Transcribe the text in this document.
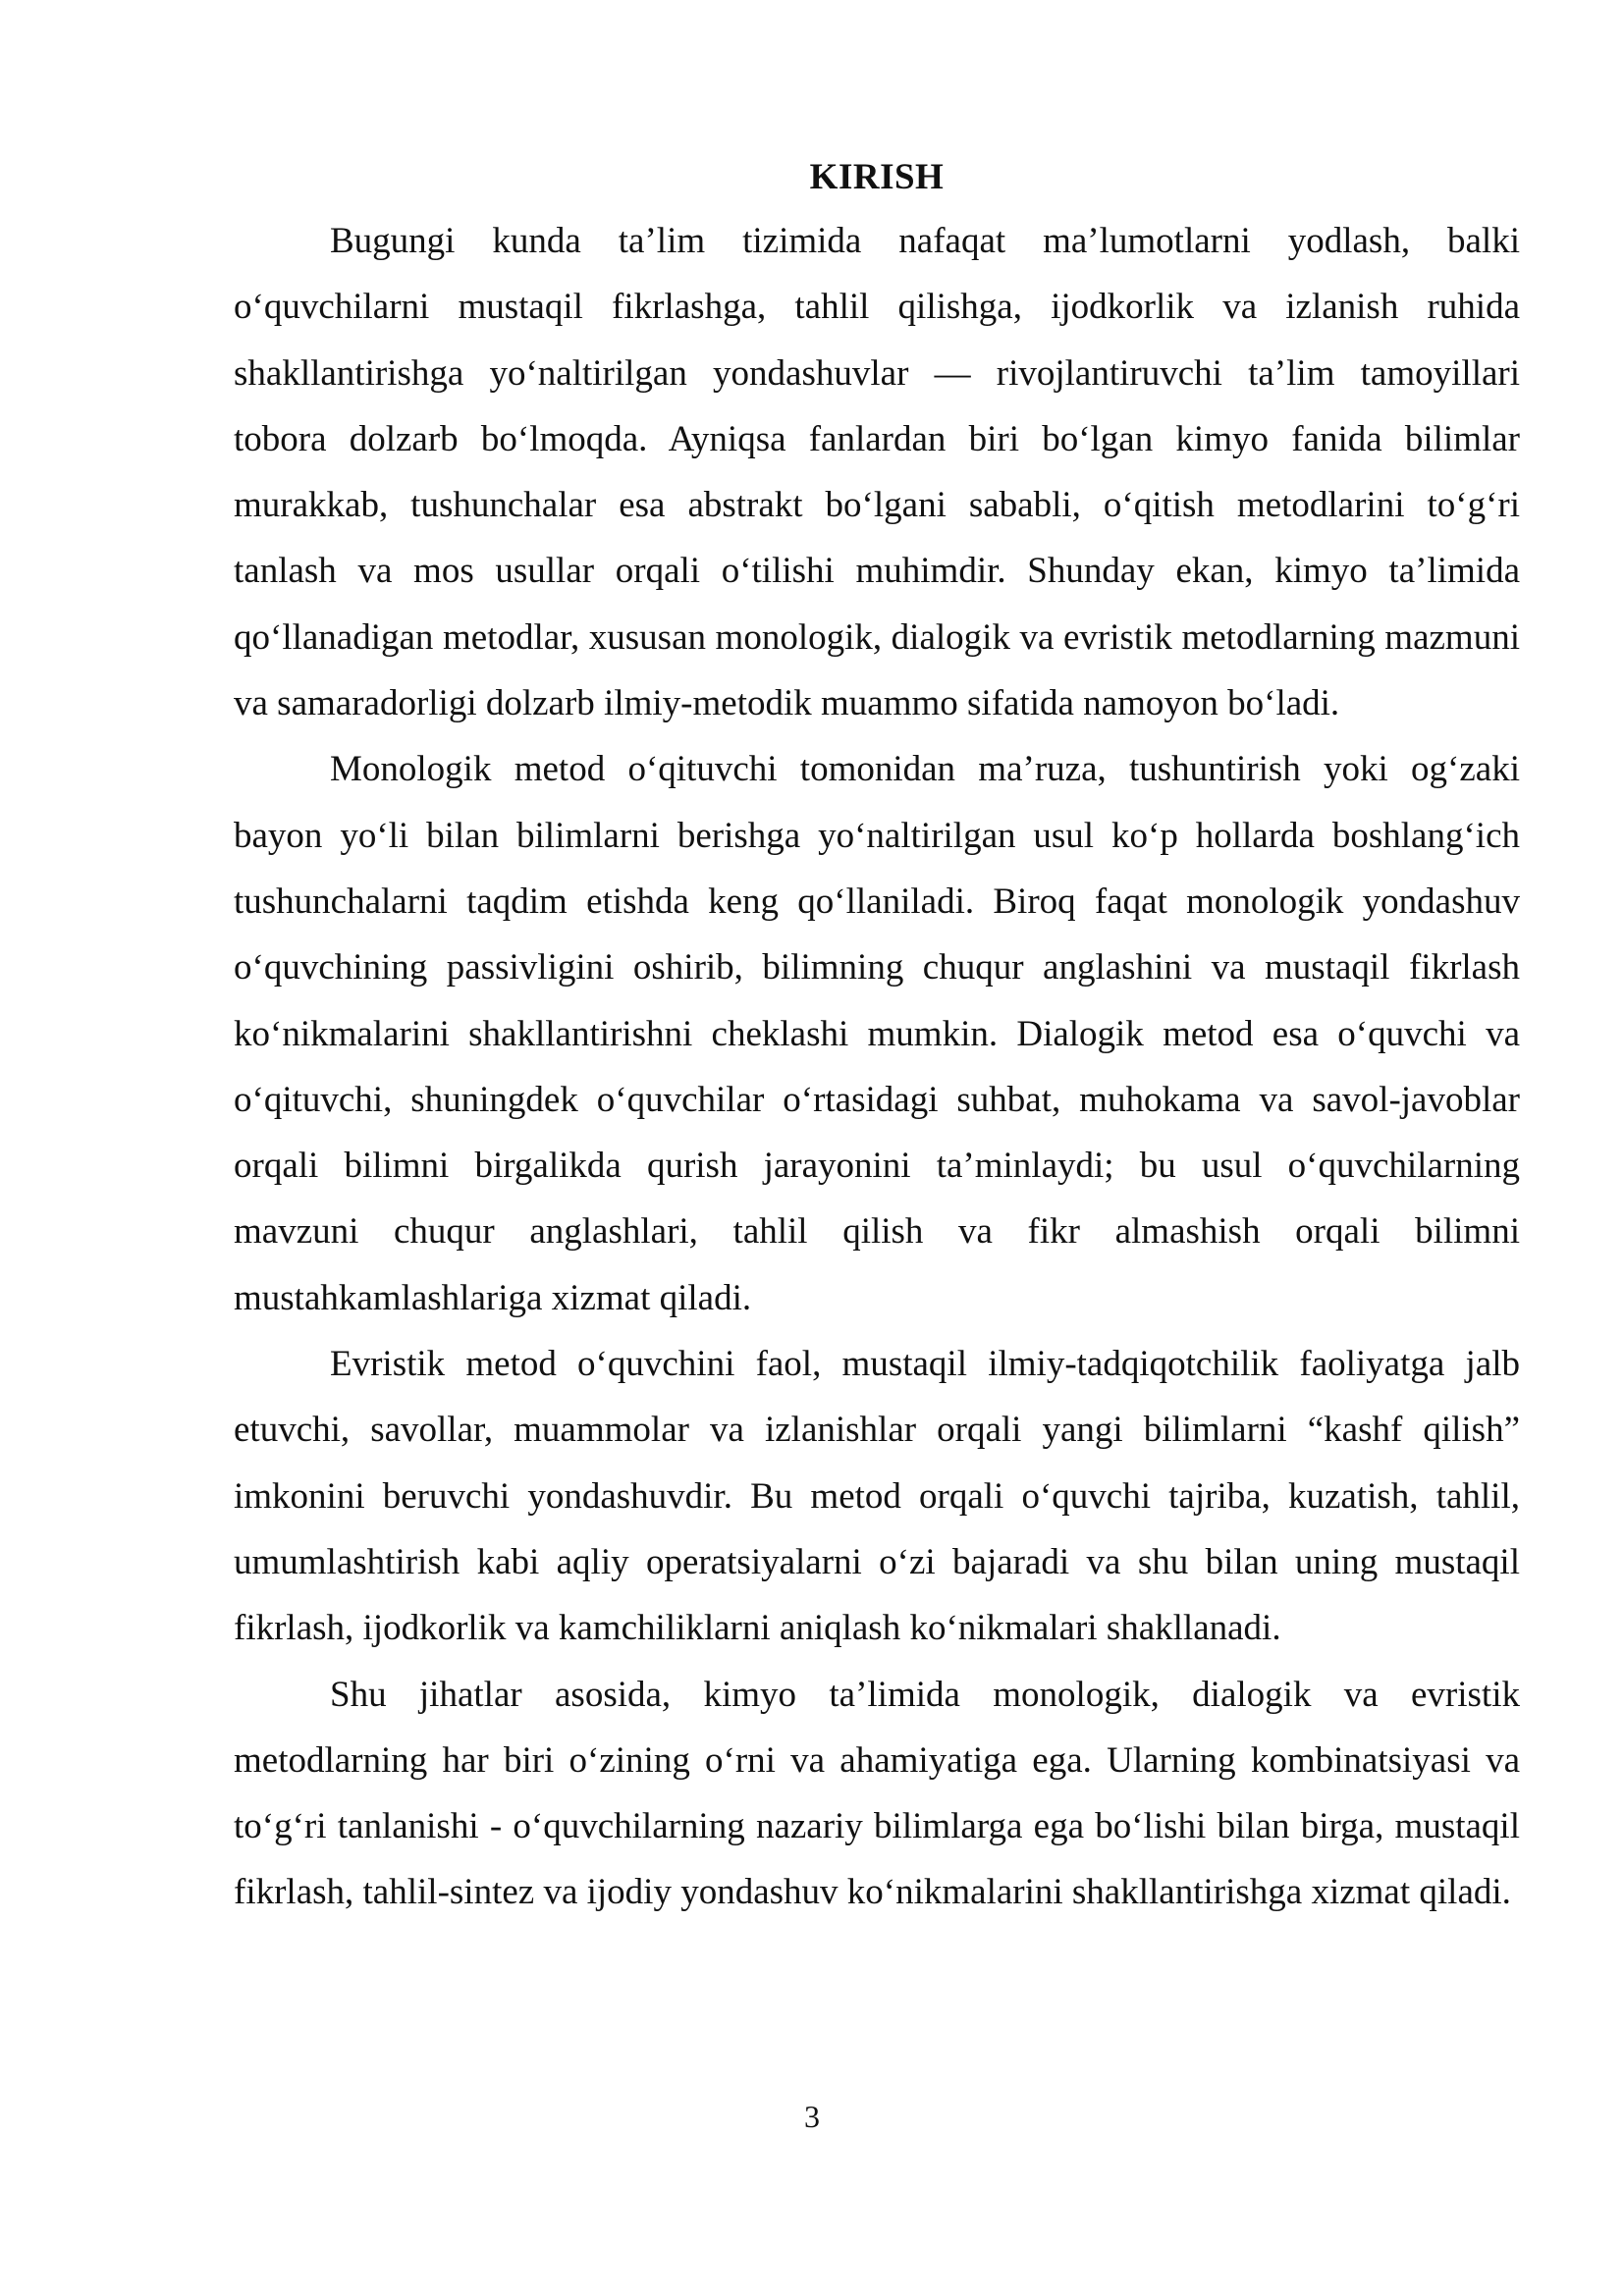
KIRISH

Bugungi kunda ta’lim tizimida nafaqat ma’lumotlarni yodlash, balki o‘quvchilarni mustaqil fikrlashga, tahlil qilishga, ijodkorlik va izlanish ruhida shakllantirishga yo‘naltirilgan yondashuvlar — rivojlantiruvchi ta’lim tamoyillari tobora dolzarb bo‘lmoqda. Ayniqsa fanlardan biri bo‘lgan kimyo fanida bilimlar murakkab, tushunchalar esa abstrakt bo‘lgani sababli, o‘qitish metodlarini to‘g‘ri tanlash va mos usullar orqali o‘tilishi muhimdir. Shunday ekan, kimyo ta’limida qo‘llanadigan metodlar, xususan monologik, dialogik va evristik metodlarning mazmuni va samaradorligi dolzarb ilmiy-metodik muammo sifatida namoyon bo‘ladi.

Monologik metod o‘qituvchi tomonidan ma’ruza, tushuntirish yoki og‘zaki bayon yo‘li bilan bilimlarni berishga yo‘naltirilgan usul ko‘p hollarda boshlang‘ich tushunchalarni taqdim etishda keng qo‘llaniladi. Biroq faqat monologik yondashuv o‘quvchining passivligini oshirib, bilimning chuqur anglashini va mustaqil fikrlash ko‘nikmalarini shakllantirishni cheklashi mumkin. Dialogik metod esa o‘quvchi va o‘qituvchi, shuningdek o‘quvchilar o‘rtasidagi suhbat, muhokama va savol-javoblar orqali bilimni birgalikda qurish jarayonini ta’minlaydi; bu usul o‘quvchilarning mavzuni chuqur anglashlari, tahlil qilish va fikr almashish orqali bilimni mustahkamlashlariga xizmat qiladi.

Evristik metod o‘quvchini faol, mustaqil ilmiy-tadqiqotchilik faoliyatga jalb etuvchi, savollar, muammolar va izlanishlar orqali yangi bilimlarni “kashf qilish” imkonini beruvchi yondashuvdir. Bu metod orqali o‘quvchi tajriba, kuzatish, tahlil, umumlashtirish kabi aqliy operatsiyalarni o‘zi bajaradi va shu bilan uning mustaqil fikrlash, ijodkorlik va kamchiliklarni aniqlash ko‘nikmalari shakllanadi.

Shu jihatlar asosida, kimyo ta’limida monologik, dialogik va evristik metodlarning har biri o‘zining o‘rni va ahamiyatiga ega. Ularning kombinatsiyasi va to‘g‘ri tanlanishi - o‘quvchilarning nazariy bilimlarga ega bo‘lishi bilan birga, mustaqil fikrlash, tahlil-sintez va ijodiy yondashuv ko‘nikmalarini shakllantirishga xizmat qiladi.

3
